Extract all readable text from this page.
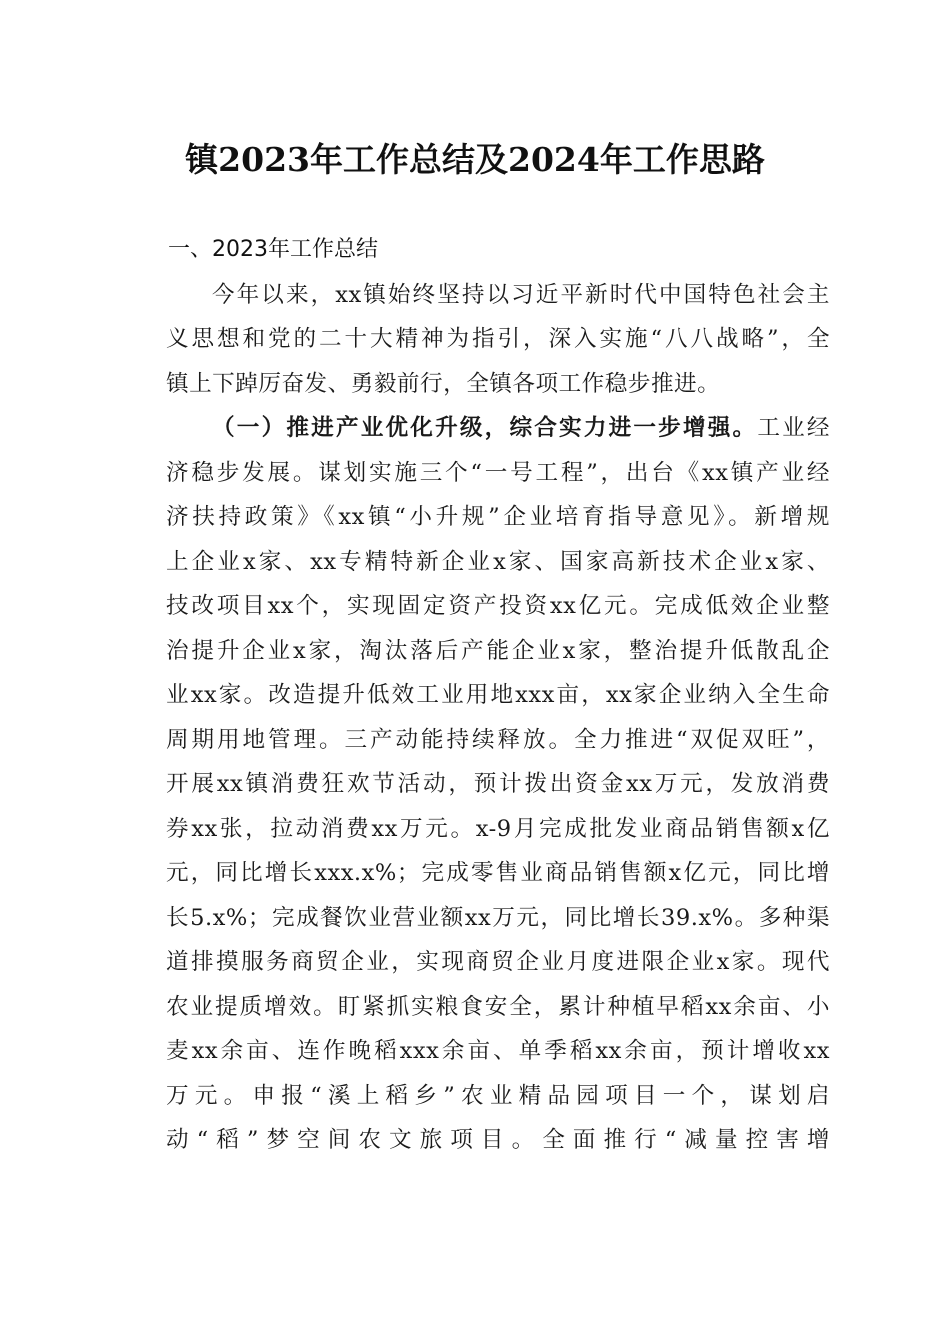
镇2023年工作总结及2024年工作思路
一、2023年工作总结
今年以来，xx镇始终坚持以习近平新时代中国特色社会主
义思想和党的二十大精神为指引，深入实施“八八战略”，全
镇上下踔厉奋发、勇毅前行，全镇各项工作稳步推进。
（一）推进产业优化升级，综合实力进一步增强。工业经
济稳步发展。谋划实施三个“一号工程”，出台《xx镇产业经
济扶持政策》《xx镇“小升规”企业培育指导意见》。新增规
上企业x家、xx专精特新企业x家、国家高新技术企业x家、
技改项目xx个，实现固定资产投资xx亿元。完成低效企业整
治提升企业x家，淘汰落后产能企业x家，整治提升低散乱企
业xx家。改造提升低效工业用地xxx亩，xx家企业纳入全生命
周期用地管理。三产动能持续释放。全力推进“双促双旺”，
开展xx镇消费狂欢节活动，预计拨出资金xx万元，发放消费
券xx张，拉动消费xx万元。x-9月完成批发业商品销售额x亿
元，同比增长xxx.x%；完成零售业商品销售额x亿元，同比增
长5.x%；完成餐饮业营业额xx万元，同比增长39.x%。多种渠
道排摸服务商贸企业，实现商贸企业月度进限企业x家。现代
农业提质增效。盯紧抓实粮食安全，累计种植早稻xx余亩、小
麦xx余亩、连作晚稻xxx余亩、单季稻xx余亩，预计增收xx
万元。申报“溪上稻乡”农业精品园项目一个，谋划启
动“稻”梦空间农文旅项目。全面推行“减量控害增
